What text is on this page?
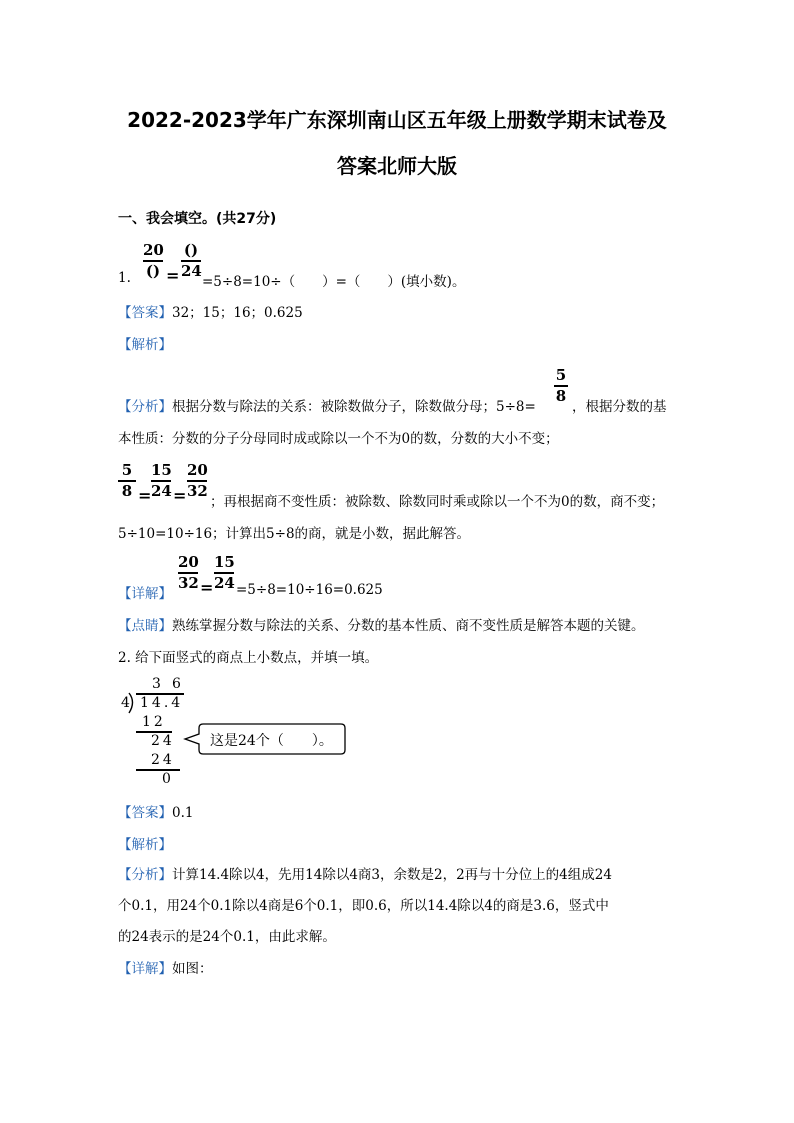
2022-2023学年广东深圳南山区五年级上册数学期末试卷及
答案北师大版
一、我会填空。(共27分)
1.
20
() =
()
24
=5÷8=10÷（　　）=（　　）(填小数)。
【答案】32；15；16；0.625
【解析】
【分析】根据分数与除法的关系：被除数做分子，除数做分母；5÷8=
5
8
，根据分数的基
本性质：分数的分子分母同时成或除以一个不为0的数，分数的大小不变；
5
8 =
15
24 =
20
32
；再根据商不变性质：被除数、除数同时乘或除以一个不为0的数，商不变；
5÷10=10÷16；计算出5÷8的商，就是小数，据此解答。
【详解】
20
32 =
15
24 =5÷8=10÷16=0.625
【点睛】熟练掌握分数与除法的关系、分数的基本性质、商不变性质是解答本题的关键。
2. 给下面竖式的商点上小数点，并填一填。
3 6
4 14.4
12
24
24
0
这是24个（　　）。
【答案】0.1
【解析】
【分析】计算14.4除以4，先用14除以4商3，余数是2，2再与十分位上的4组成24
个0.1，用24个0.1除以4商是6个0.1，即0.6，所以14.4除以4的商是3.6，竖式中
的24表示的是24个0.1，由此求解。
【详解】如图：
